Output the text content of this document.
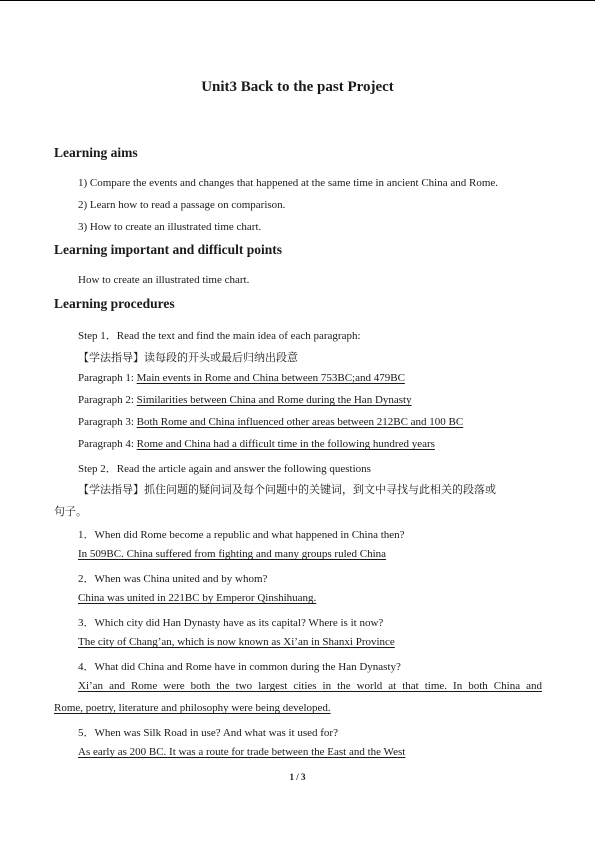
Unit3 Back to the past Project
Learning aims
1) Compare the events and changes that happened at the same time in ancient China and Rome.
2) Learn how to read a passage on comparison.
3) How to create an illustrated time chart.
Learning important and difficult points
How to create an illustrated time chart.
Learning procedures
Step 1．Read the text and find the main idea of each paragraph:
【学法指导】读每段的开头或最后归纳出段意
Paragraph 1: Main events in Rome and China between 753BC;and 479BC
Paragraph 2: Similarities between China and Rome during the Han Dynasty
Paragraph 3: Both Rome and China influenced other areas between 212BC and 100 BC
Paragraph 4: Rome and China had a difficult time in the following hundred years
Step 2．Read the article again and answer the following questions
【学法指导】抓住问题的疑问词及每个问题中的关键词，到文中寻找与此相关的段落或
句子。
1．When did Rome become a republic and what happened in China then?
In 509BC. China suffered from fighting and many groups ruled China
2．When was China united and by whom?
China was united in 221BC by Emperor Qinshihuang.
3．Which city did Han Dynasty have as its capital? Where is it now?
The city of Chang’an, which is now known as Xi’an in Shanxi Province
4．What did China and Rome have in common during the Han Dynasty?
Xi’an and Rome were both the two largest cities in the world at that time. In both China and
Rome, poetry, literature and philosophy were being developed.
5．When was Silk Road in use? And what was it used for?
As early as 200 BC. It was a route for trade between the East and the West
1 / 3
